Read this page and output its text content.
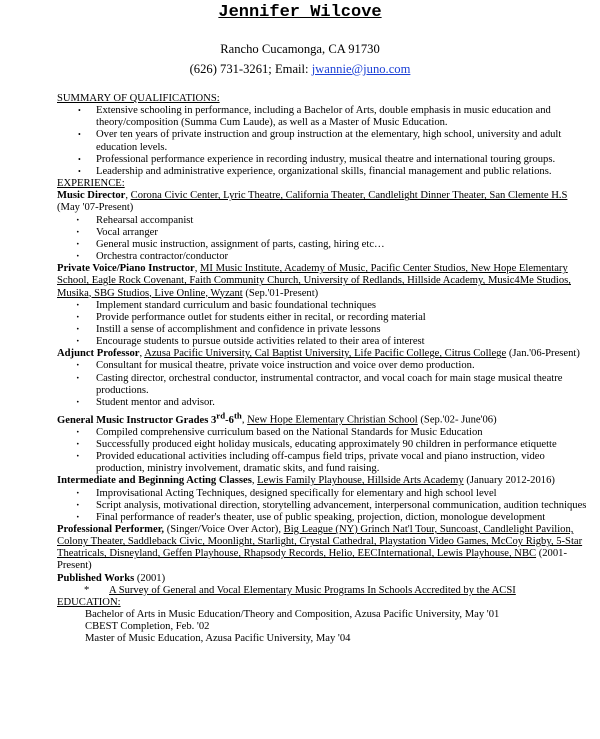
Jennifer Wilcove
Rancho Cucamonga, CA 91730
(626) 731-3261; Email: jwannie@juno.com
SUMMARY OF QUALIFICATIONS:
• Extensive schooling in performance, including a Bachelor of Arts, double emphasis in music education and theory/composition (Summa Cum Laude), as well as a Master of Music Education.
• Over ten years of private instruction and group instruction at the elementary, high school, university and adult education levels.
• Professional performance experience in recording industry, musical theatre and international touring groups.
• Leadership and administrative experience, organizational skills, financial management and public relations.
EXPERIENCE:

Music Director, Corona Civic Center, Lyric Theatre, California Theater, Candlelight Dinner Theater, San Clemente H.S (May '07-Present)

· Rehearsal accompanist
· Vocal arranger
· General music instruction, assignment of parts, casting, hiring etc…
· Orchestra contractor/conductor

Private Voice/Piano Instructor, MI Music Institute, Academy of Music, Pacific Center Studios, New Hope Elementary School, Eagle Rock Covenant, Faith Community Church, University of Redlands, Hillside Academy, Music4Me Studios, Musika, SBG Studios, Live Online, Wyzant (Sep.'01-Present)

· Implement standard curriculum and basic foundational techniques
· Provide performance outlet for students either in recital, or recording material
· Instill a sense of accomplishment and confidence in private lessons
· Encourage students to pursue outside activities related to their area of interest

Adjunct Professor, Azusa Pacific University, Cal Baptist University, Life Pacific College, Citrus College (Jan.'06-Present)

· Consultant for musical theatre, private voice instruction and voice over demo production.
· Casting director, orchestral conductor, instrumental contractor, and vocal coach for main stage musical theatre productions.
· Student mentor and advisor.

General Music Instructor Grades 3rd-6th, New Hope Elementary Christian School (Sep.'02- June'06)

· Compiled comprehensive curriculum based on the National Standards for Music Education
· Successfully produced eight holiday musicals, educating approximately 90 children in performance etiquette
· Provided educational activities including off-campus field trips, private vocal and piano instruction, video production, ministry involvement, dramatic skits, and fund raising.

Intermediate and Beginning Acting Classes, Lewis Family Playhouse, Hillside Arts Academy (January 2012-2016)

· Improvisational Acting Techniques, designed specifically for elementary and high school level
· Script analysis, motivational direction, storytelling advancement, interpersonal communication, audition techniques
· Final performance of reader's theater, use of public speaking, projection, diction, monologue development

Professional Performer, (Singer/Voice Over Actor), Big League (NY) Grinch Nat'l Tour, Suncoast, Candlelight Pavilion, Colony Theater, Saddleback Civic, Moonlight, Starlight, Crystal Cathedral, Playstation Video Games, McCoy Rigby, 5-Star Theatricals, Disneyland, Geffen Playhouse, Rhapsody Records, Helio, EECInternational, Lewis Playhouse, NBC (2001-Present)

Published Works (2001)

* A Survey of General and Vocal Elementary Music Programs In Schools Accredited by the ACSI

EDUCATION:

Bachelor of Arts in Music Education/Theory and Composition, Azusa Pacific University, May '01

CBEST Completion, Feb. '02

Master of Music Education, Azusa Pacific University, May '04
